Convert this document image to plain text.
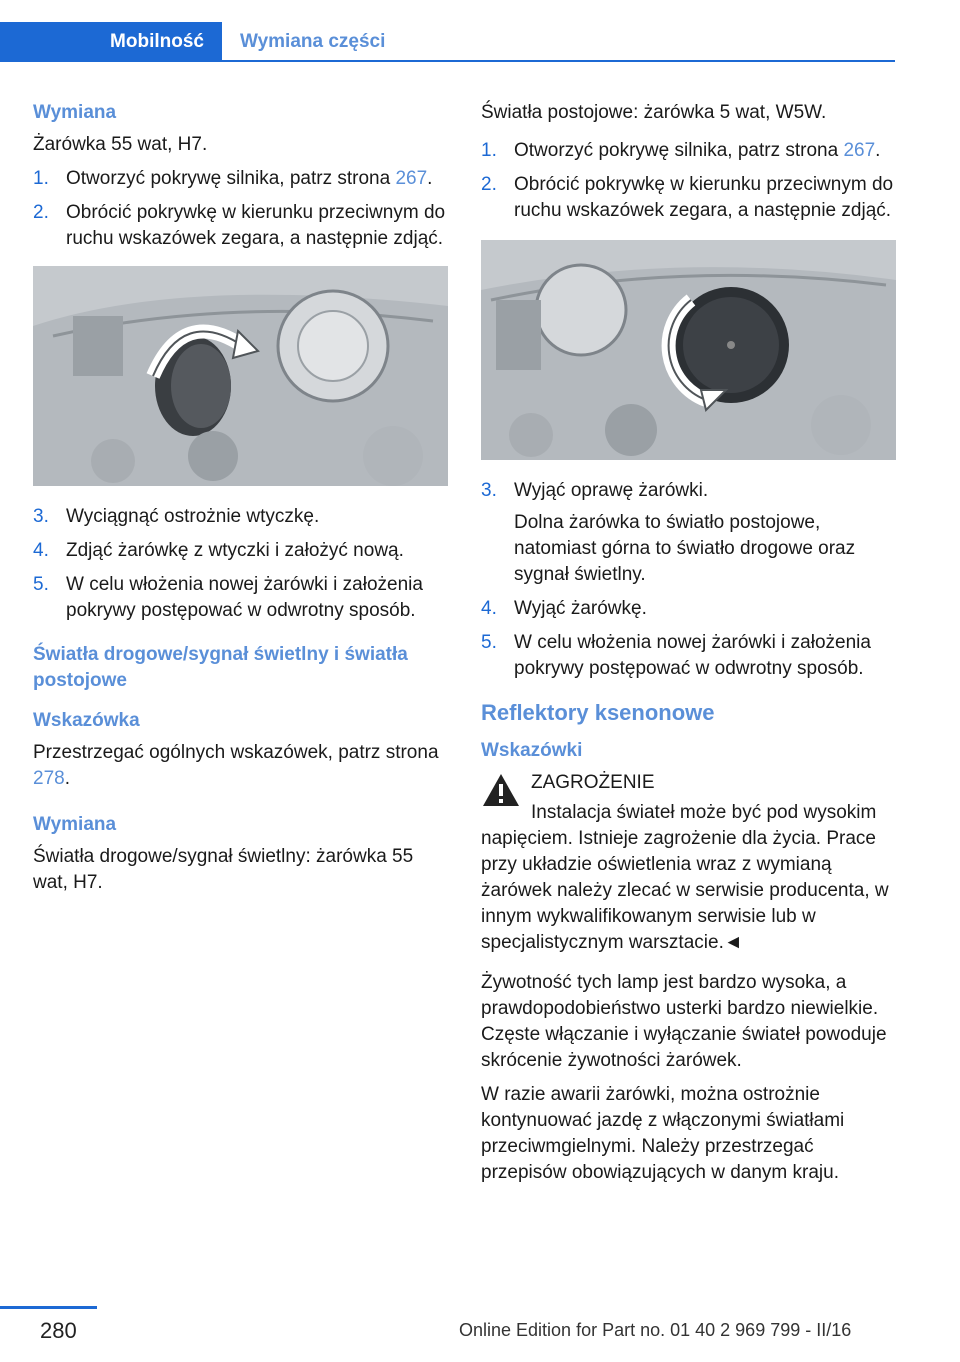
Mobilność	Wymiana części
Wymiana
Żarówka 55 wat, H7.
1. Otworzyć pokrywę silnika, patrz strona 267.
2. Obrócić pokrywkę w kierunku przeciwnym do ruchu wskazówek zegara, a następnie zdjąć.
3. Wyciągnąć ostrożnie wtyczkę.
4. Zdjąć żarówkę z wtyczki i założyć nową.
5. W celu włożenia nowej żarówki i założenia pokrywy postępować w odwrotny sposób.
Światła drogowe/sygnał świetlny i światła postojowe
Wskazówka
Przestrzegać ogólnych wskazówek, patrz strona 278.
Wymiana
Światła drogowe/sygnał świetlny: żarówka 55 wat, H7.
Światła postojowe: żarówka 5 wat, W5W.
1. Otworzyć pokrywę silnika, patrz strona 267.
2. Obrócić pokrywkę w kierunku przeciwnym do ruchu wskazówek zegara, a następnie zdjąć.
3. Wyjąć oprawę żarówki.
Dolna żarówka to światło postojowe, natomiast górna to światło drogowe oraz sygnał świetlny.
4. Wyjąć żarówkę.
5. W celu włożenia nowej żarówki i założenia pokrywy postępować w odwrotny sposób.
Reflektory ksenonowe
Wskazówki
ZAGROŻENIE
Instalacja świateł może być pod wysokim
napięciem. Istnieje zagrożenie dla życia. Prace przy układzie oświetlenia wraz z wymianą żarówek należy zlecać w serwisie producenta, w innym wykwalifikowanym serwisie lub w specjalistycznym warsztacie.◄
Żywotność tych lamp jest bardzo wysoka, a prawdopodobieństwo usterki bardzo niewielkie. Częste włączanie i wyłączanie świateł powoduje skrócenie żywotności żarówek.
W razie awarii żarówki, można ostrożnie kontynuować jazdę z włączonymi światłami przeciwmgielnymi. Należy przestrzegać przepisów obowiązujących w danym kraju.
280	Online Edition for Part no. 01 40 2 969 799 - II/16
